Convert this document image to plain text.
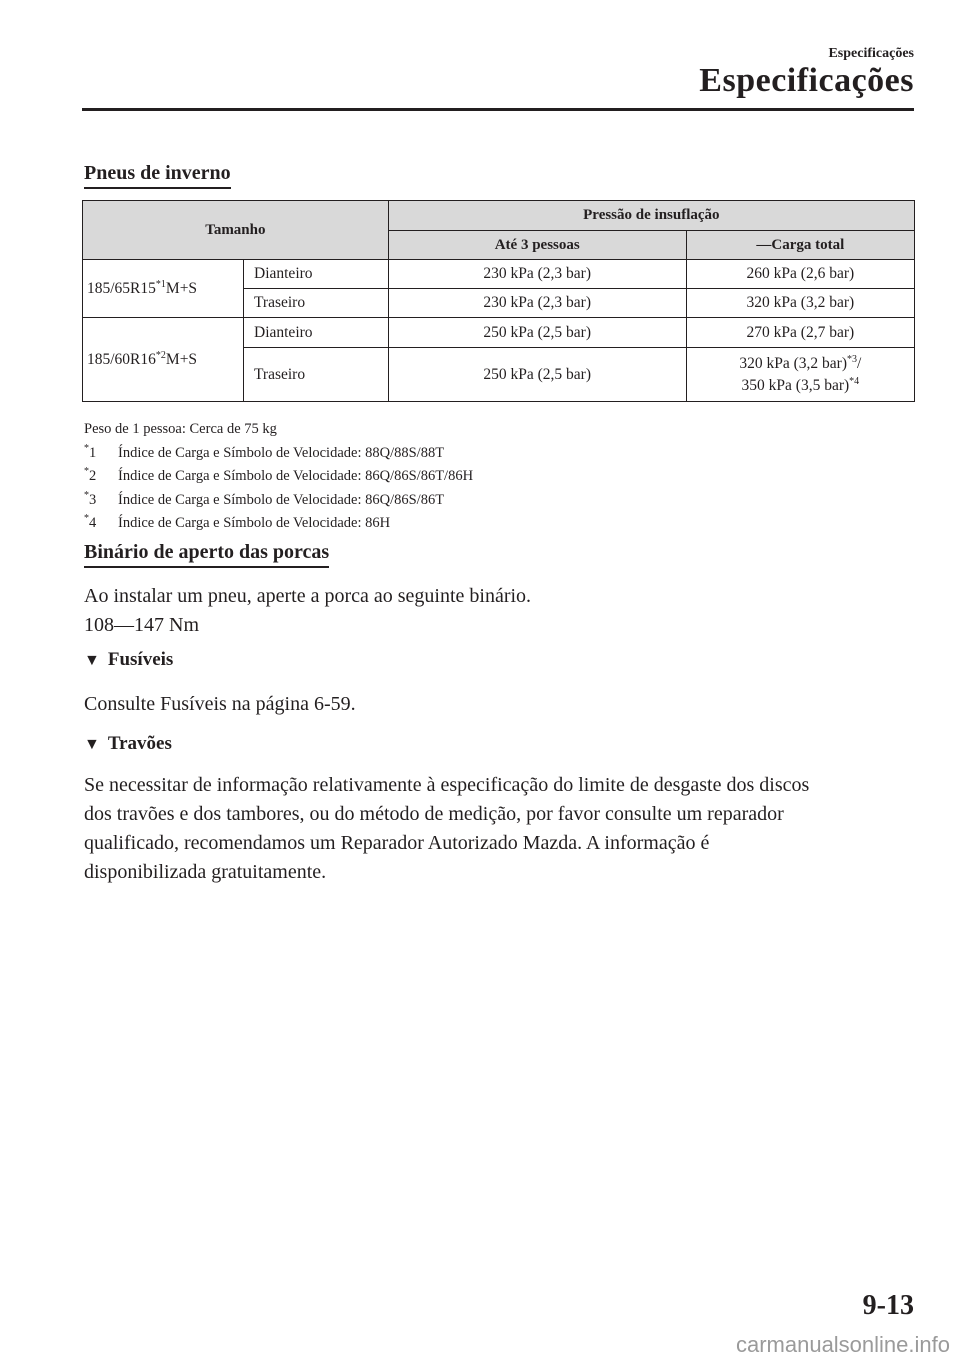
Especificações
Especificações
Pneus de inverno
Tamanho		Pressão de insuflação	
		Até 3 pessoas	―Carga total
$185/65R15^{*1}M+S$	Dianteiro	230 kPa (2,3 bar)	260 kPa (2,6 bar)
	Traseiro	230 kPa (2,3 bar)	320 kPa (3,2 bar)
$185/60R16^{*2}M+S$	Dianteiro	250 kPa (2,5 bar)	270 kPa (2,7 bar)
	Traseiro	250 kPa (2,5 bar)	320 kPa (3,2 bar)$^{*3}$/
350 kPa (3,5 bar)$^{*4}$
Peso de 1 pessoa: Cerca de 75 kg
*1 Índice de Carga e Símbolo de Velocidade: 88Q/88S/88T
*2 Índice de Carga e Símbolo de Velocidade: 86Q/86S/86T/86H
*3 Índice de Carga e Símbolo de Velocidade: 86Q/86S/86T
*4 Índice de Carga e Símbolo de Velocidade: 86H
Binário de aperto das porcas
Ao instalar um pneu, aperte a porca ao seguinte binário.
108―147 Nm
▼ Fusíveis
Consulte Fusíveis na página 6-59.
▼ Travões
Se necessitar de informação relativamente à especificação do limite de desgaste dos discos
dos travões e dos tambores, ou do método de medição, por favor consulte um reparador
qualificado, recomendamos um Reparador Autorizado Mazda. A informação é
disponibilizada gratuitamente.
9-13
carmanualsonline.info
